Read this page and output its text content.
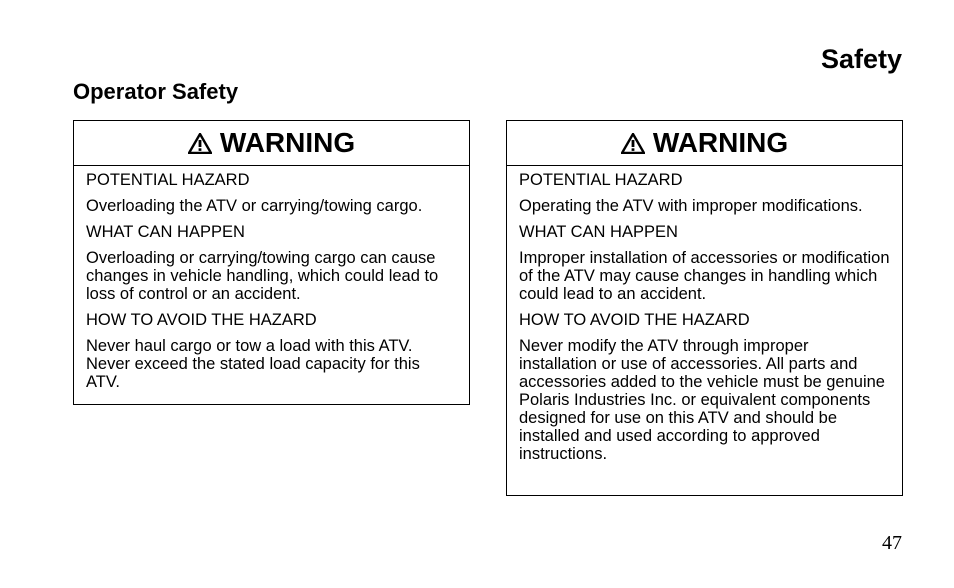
Safety
Operator Safety
WARNING

POTENTIAL HAZARD

Overloading the ATV or carrying/towing cargo.

WHAT CAN HAPPEN

Overloading or carrying/towing cargo can cause changes in vehicle handling, which could lead to loss of control or an accident.

HOW TO AVOID THE HAZARD

Never haul cargo or tow a load with this ATV. Never exceed the stated load capacity for this ATV.

WARNING

POTENTIAL HAZARD

Operating the ATV with improper modifications.

WHAT CAN HAPPEN

Improper installation of accessories or modification of the ATV may cause changes in handling which could lead to an accident.

HOW TO AVOID THE HAZARD

Never modify the ATV through improper installation or use of accessories. All parts and accessories added to the vehicle must be genuine Polaris Industries Inc. or equivalent components designed for use on this ATV and should be installed and used according to approved instructions.

47
